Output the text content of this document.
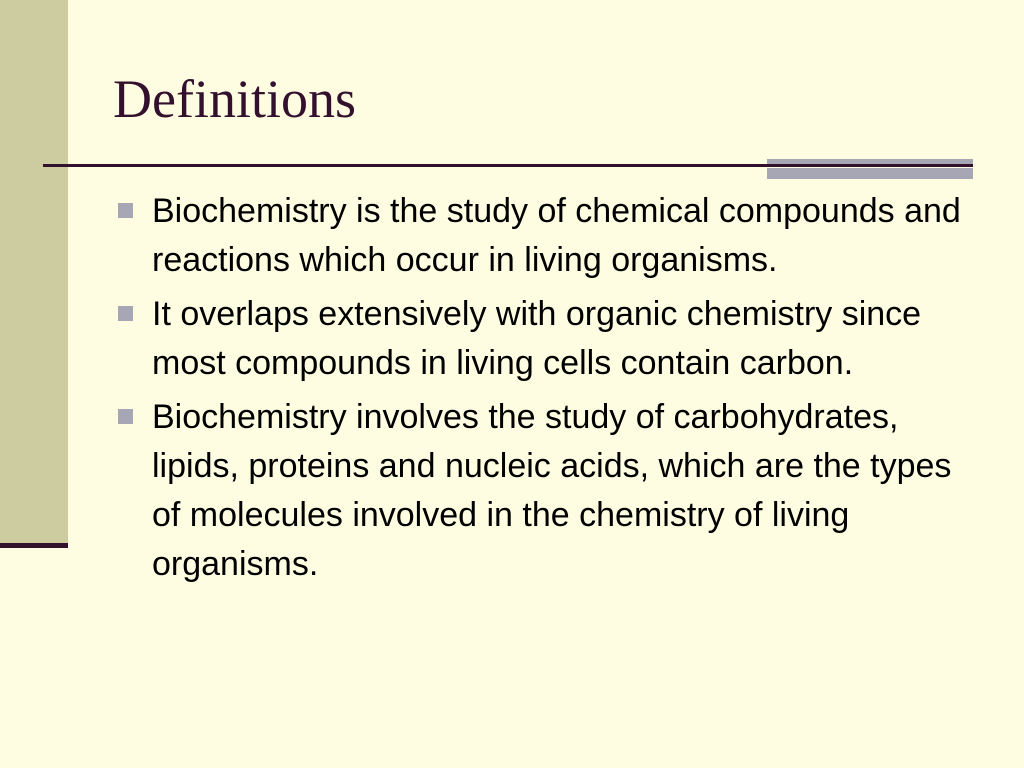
Definitions
Biochemistry is the study of chemical compounds and reactions which occur in living organisms.
It overlaps extensively with organic chemistry since most compounds in living cells contain carbon.
Biochemistry involves the study of carbohydrates, lipids, proteins and nucleic acids, which are the types of molecules involved in the chemistry of living organisms.
